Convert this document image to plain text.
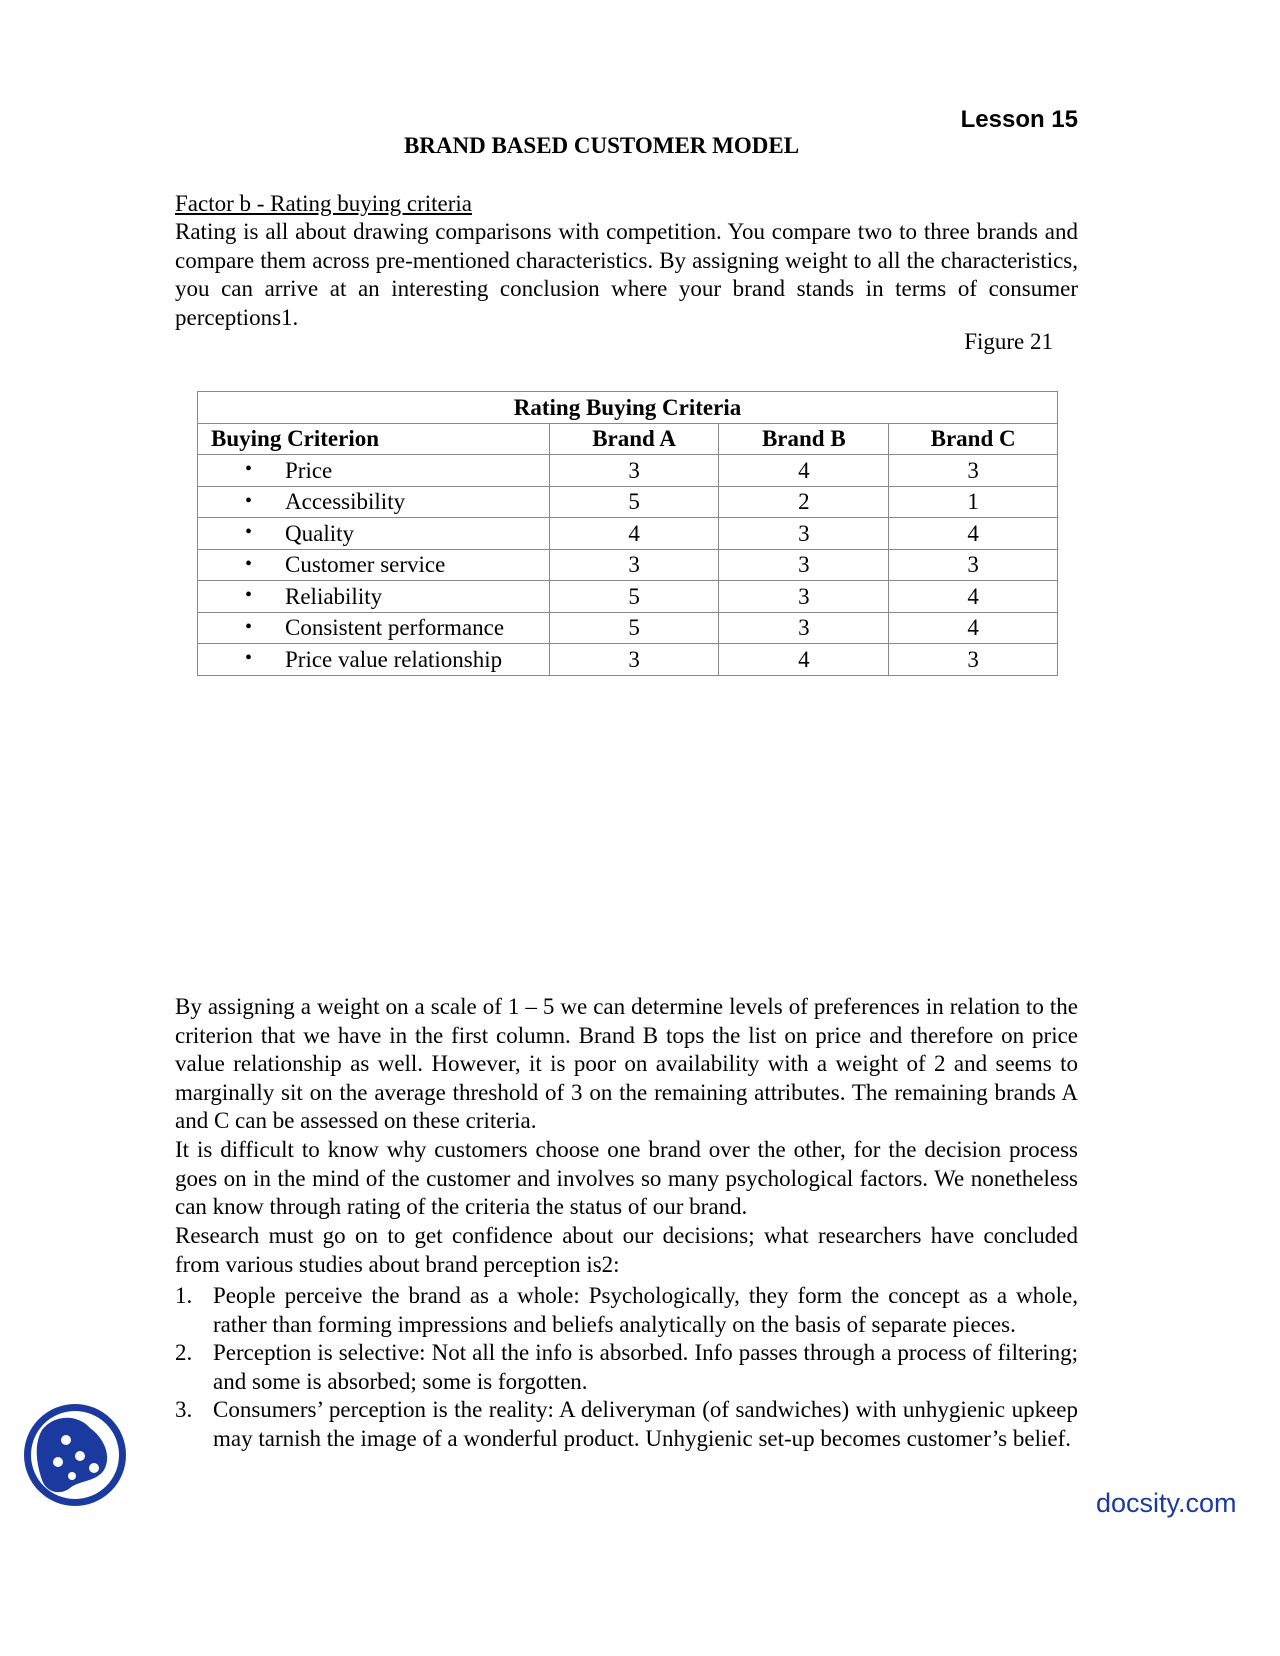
Lesson 15
BRAND BASED CUSTOMER MODEL
Factor b - Rating buying criteria
Rating is all about drawing comparisons with competition. You compare two to three brands and compare them across pre-mentioned characteristics. By assigning weight to all the characteristics, you can arrive at an interesting conclusion where your brand stands in terms of consumer perceptions1.
Figure 21
Rating Buying Criteria			
Buying Criterion	Brand A	Brand B	Brand C

• Price	3	4	3

• Accessibility	5	2	1

• Quality	4	3	4

• Customer service	3	3	3

• Reliability	5	3	4

• Consistent performance	5	3	4

• Price value relationship	3	4	3
By assigning a weight on a scale of 1 – 5 we can determine levels of preferences in relation to the criterion that we have in the first column. Brand B tops the list on price and therefore on price value relationship as well. However, it is poor on availability with a weight of 2 and seems to marginally sit on the average threshold of 3 on the remaining attributes. The remaining brands A and C can be assessed on these criteria.
It is difficult to know why customers choose one brand over the other, for the decision process goes on in the mind of the customer and involves so many psychological factors. We nonetheless can know through rating of the criteria the status of our brand.
Research must go on to get confidence about our decisions; what researchers have concluded from various studies about brand perception is2:
1. People perceive the brand as a whole: Psychologically, they form the concept as a whole, rather than forming impressions and beliefs analytically on the basis of separate pieces.
2. Perception is selective: Not all the info is absorbed. Info passes through a process of filtering; and some is absorbed; some is forgotten.
3. Consumers’ perception is the reality: A deliveryman (of sandwiches) with unhygienic upkeep may tarnish the image of a wonderful product. Unhygienic set-up becomes customer’s belief.
docsity.com
